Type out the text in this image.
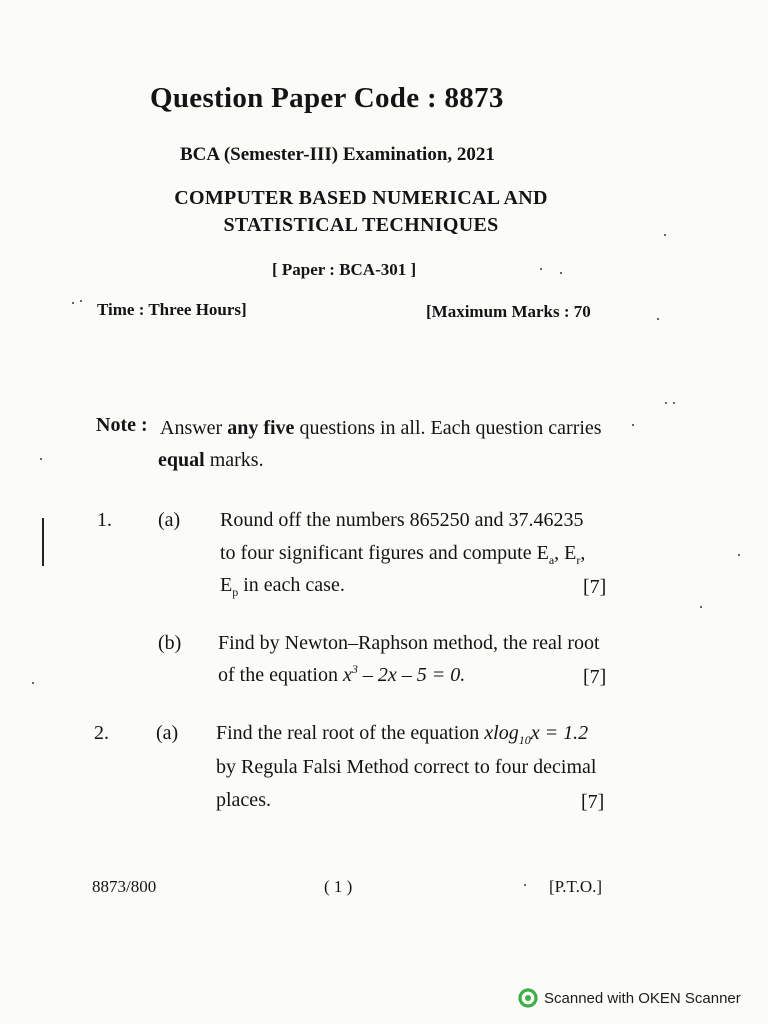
Question Paper Code : 8873
BCA (Semester-III) Examination, 2021
COMPUTER BASED NUMERICAL AND
STATISTICAL TECHNIQUES
[ Paper : BCA-301 ]
Time : Three Hours]	[Maximum Marks : 70
Note : Answer any five questions in all. Each question carries
equal marks.
1. (a) Round off the numbers 865250 and 37.46235
to four significant figures and compute $E_a$, $E_r$,
$E_p$ in each case.	[7]
(b) Find by Newton–Raphson method, the real root
of the equation $x^3 - 2x - 5 = 0$.	[7]
2. (a) Find the real root of the equation xlog$_{10}$x = 1.2
by Regula Falsi Method correct to four decimal
places.	[7]
8873/800	( 1 )	[P.T.O.]
Scanned with OKEN Scanner
